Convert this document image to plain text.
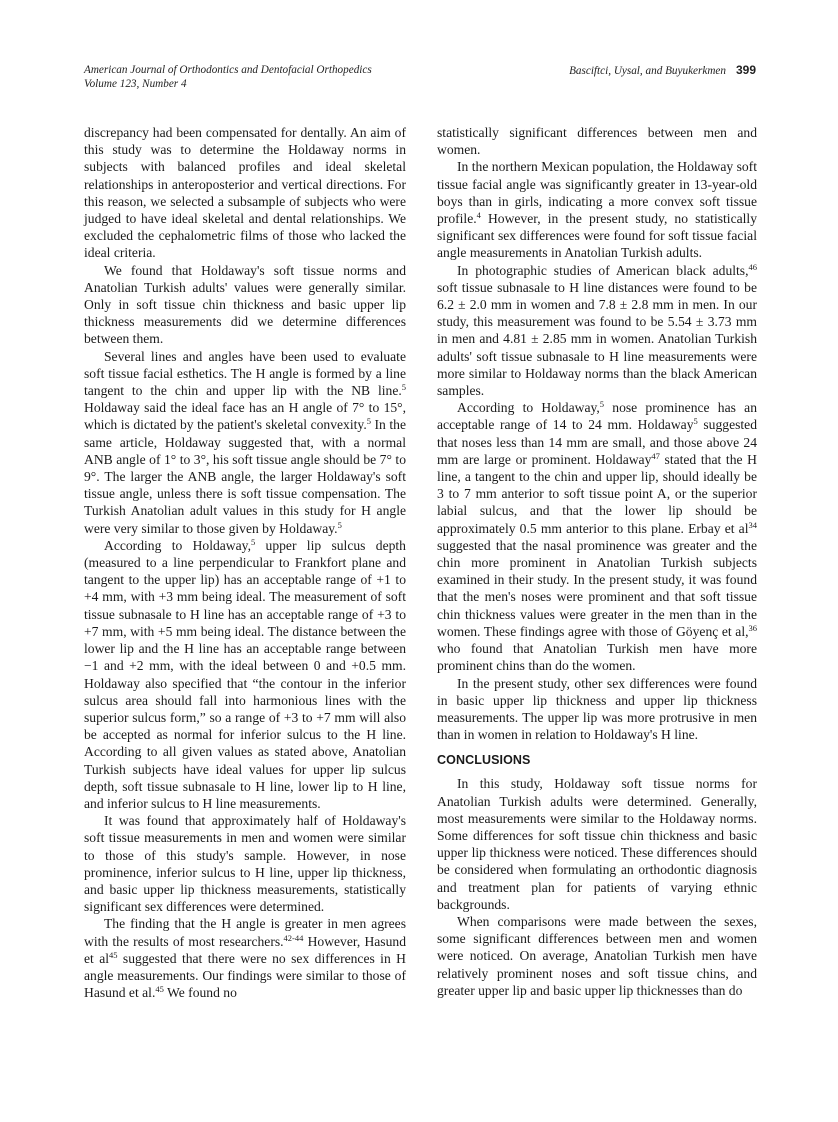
American Journal of Orthodontics and Dentofacial Orthopedics
Volume 123, Number 4
Basciftci, Uysal, and Buyukerkmen 399

discrepancy had been compensated for dentally. An aim of this study was to determine the Holdaway norms in subjects with balanced profiles and ideal skeletal relationships in anteroposterior and vertical directions. For this reason, we selected a subsample of subjects who were judged to have ideal skeletal and dental relationships. We excluded the cephalometric films of those who lacked the ideal criteria.

We found that Holdaway's soft tissue norms and Anatolian Turkish adults' values were generally similar. Only in soft tissue chin thickness and basic upper lip thickness measurements did we determine differences between them.

Several lines and angles have been used to evaluate soft tissue facial esthetics. The H angle is formed by a line tangent to the chin and upper lip with the NB line.$^5$ Holdaway said the ideal face has an H angle of 7° to 15°, which is dictated by the patient's skeletal convexity.$^5$ In the same article, Holdaway suggested that, with a normal ANB angle of 1° to 3°, his soft tissue angle should be 7° to 9°. The larger the ANB angle, the larger Holdaway's soft tissue angle, unless there is soft tissue compensation. The Turkish Anatolian adult values in this study for H angle were very similar to those given by Holdaway.$^5$

According to Holdaway,$^5$ upper lip sulcus depth (measured to a line perpendicular to Frankfort plane and tangent to the upper lip) has an acceptable range of +1 to +4 mm, with +3 mm being ideal. The measurement of soft tissue subnasale to H line has an acceptable range of +3 to +7 mm, with +5 mm being ideal. The distance between the lower lip and the H line has an acceptable range between −1 and +2 mm, with the ideal between 0 and +0.5 mm. Holdaway also specified that “the contour in the inferior sulcus area should fall into harmonious lines with the superior sulcus form,” so a range of +3 to +7 mm will also be accepted as normal for inferior sulcus to the H line. According to all given values as stated above, Anatolian Turkish subjects have ideal values for upper lip sulcus depth, soft tissue subnasale to H line, lower lip to H line, and inferior sulcus to H line measurements.

It was found that approximately half of Holdaway's soft tissue measurements in men and women were similar to those of this study's sample. However, in nose prominence, inferior sulcus to H line, upper lip thickness, and basic upper lip thickness measurements, statistically significant sex differences were determined.

The finding that the H angle is greater in men agrees with the results of most researchers.$^{42-44}$ However, Hasund et $al^{45}$ suggested that there were no sex differences in H angle measurements. Our findings were similar to those of Hasund et al.$^{45}$ We found no

statistically significant differences between men and women.

In the northern Mexican population, the Holdaway soft tissue facial angle was significantly greater in 13-year-old boys than in girls, indicating a more convex soft tissue profile.$^4$ However, in the present study, no statistically significant sex differences were found for soft tissue facial angle measurements in Anatolian Turkish adults.

In photographic studies of American black adults,$^{46}$ soft tissue subnasale to H line distances were found to be 6.2 ± 2.0 mm in women and 7.8 ± 2.8 mm in men. In our study, this measurement was found to be 5.54 ± 3.73 mm in men and 4.81 ± 2.85 mm in women. Anatolian Turkish adults' soft tissue subnasale to H line measurements were more similar to Holdaway norms than the black American samples.

According to Holdaway,$^5$ nose prominence has an acceptable range of 14 to 24 mm. Holdaway$^5$ suggested that noses less than 14 mm are small, and those above 24 mm are large or prominent. Holdaway$^{47}$ stated that the H line, a tangent to the chin and upper lip, should ideally be 3 to 7 mm anterior to soft tissue point A, or the superior labial sulcus, and that the lower lip should be approximately 0.5 mm anterior to this plane. Erbay et $al^{34}$ suggested that the nasal prominence was greater and the chin more prominent in Anatolian Turkish subjects examined in their study. In the present study, it was found that the men's noses were prominent and that soft tissue chin thickness values were greater in the men than in the women. These findings agree with those of Göyenç et al,$^{36}$ who found that Anatolian Turkish men have more prominent chins than do the women.

In the present study, other sex differences were found in basic upper lip thickness and upper lip thickness measurements. The upper lip was more protrusive in men than in women in relation to Holdaway's H line.

CONCLUSIONS

In this study, Holdaway soft tissue norms for Anatolian Turkish adults were determined. Generally, most measurements were similar to the Holdaway norms. Some differences for soft tissue chin thickness and basic upper lip thickness were noticed. These differences should be considered when formulating an orthodontic diagnosis and treatment plan for patients of varying ethnic backgrounds.

When comparisons were made between the sexes, some significant differences between men and women were noticed. On average, Anatolian Turkish men have relatively prominent noses and soft tissue chins, and greater upper lip and basic upper lip thicknesses than do
